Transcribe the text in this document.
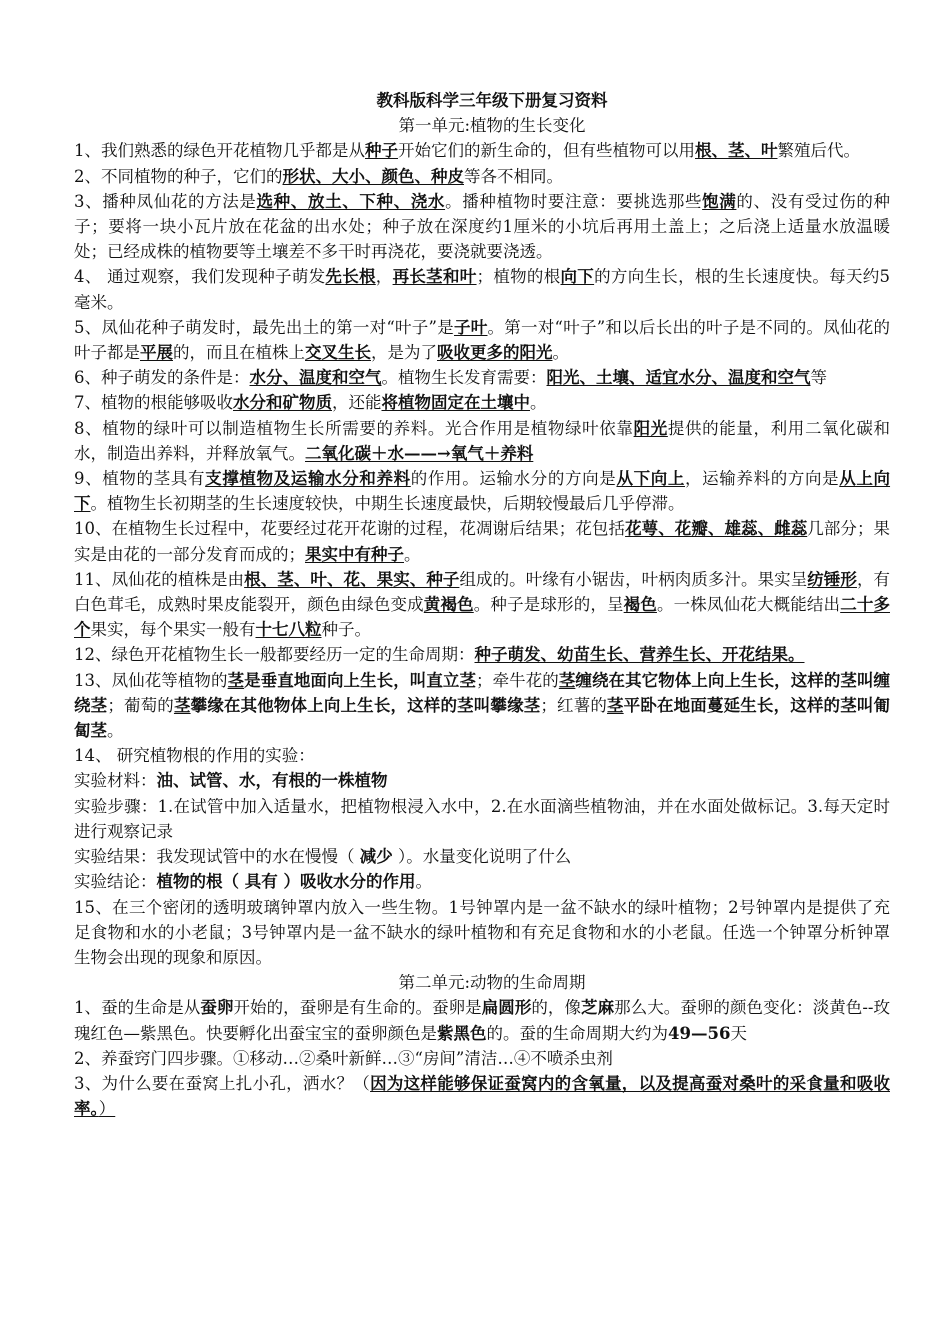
教科版科学三年级下册复习资料
第一单元:植物的生长变化

1、我们熟悉的绿色开花植物几乎都是从种子开始它们的新生命的，但有些植物可以用根、茎、叶繁殖后代。

2、不同植物的种子，它们的形状、大小、颜色、种皮等各不相同。

3、播种凤仙花的方法是选种、放土、下种、浇水。播种植物时要注意：要挑选那些饱满的、没有受过伤的种子；要将一块小瓦片放在花盆的出水处；种子放在深度约1厘米的小坑后再用土盖上；之后浇上适量水放温暖处；已经成株的植物要等土壤差不多干时再浇花，要浇就要浇透。

4、 通过观察，我们发现种子萌发先长根，再长茎和叶；植物的根向下的方向生长，根的生长速度快。每天约5毫米。

5、凤仙花种子萌发时，最先出土的第一对“叶子”是子叶。第一对“叶子”和以后长出的叶子是不同的。凤仙花的叶子都是平展的，而且在植株上交叉生长，是为了吸收更多的阳光。

6、种子萌发的条件是：水分、温度和空气。植物生长发育需要：阳光、土壤、适宜水分、温度和空气等

7、植物的根能够吸收水分和矿物质，还能将植物固定在土壤中。

8、植物的绿叶可以制造植物生长所需要的养料。光合作用是植物绿叶依靠阳光提供的能量，利用二氧化碳和水，制造出养料，并释放氧气。二氧化碳＋水——→氧气＋养料

9、植物的茎具有支撑植物及运输水分和养料的作用。运输水分的方向是从下向上，运输养料的方向是从上向下。植物生长初期茎的生长速度较快，中期生长速度最快，后期较慢最后几乎停滞。

10、在植物生长过程中，花要经过花开花谢的过程，花凋谢后结果；花包括花萼、花瓣、雄蕊、雌蕊几部分；果实是由花的一部分发育而成的；果实中有种子。

11、凤仙花的植株是由根、茎、叶、花、果实、种子组成的。叶缘有小锯齿，叶柄肉质多汁。果实呈纺锤形，有白色茸毛，成熟时果皮能裂开，颜色由绿色变成黄褐色。种子是球形的，呈褐色。一株凤仙花大概能结出二十多个果实，每个果实一般有十七八粒种子。

12、绿色开花植物生长一般都要经历一定的生命周期：种子萌发、幼苗生长、营养生长、开花结果。

13、凤仙花等植物的茎是垂直地面向上生长，叫直立茎；牵牛花的茎缠绕在其它物体上向上生长，这样的茎叫缠绕茎；葡萄的茎攀缘在其他物体上向上生长，这样的茎叫攀缘茎；红薯的茎平卧在地面蔓延生长，这样的茎叫匍匐茎。

14、 研究植物根的作用的实验：

实验材料：油、试管、水，有根的一株植物

实验步骤：1.在试管中加入适量水，把植物根浸入水中，2.在水面滴些植物油，并在水面处做标记。3.每天定时进行观察记录

实验结果：我发现试管中的水在慢慢（ 减少 ）。水量变化说明了什么

实验结论：植物的根（ 具有 ）吸收水分的作用。

15、在三个密闭的透明玻璃钟罩内放入一些生物。1号钟罩内是一盆不缺水的绿叶植物；2号钟罩内是提供了充足食物和水的小老鼠；3号钟罩内是一盆不缺水的绿叶植物和有充足食物和水的小老鼠。任选一个钟罩分析钟罩生物会出现的现象和原因。

第二单元:动物的生命周期

1、蚕的生命是从蚕卵开始的，蚕卵是有生命的。蚕卵是扁圆形的，像芝麻那么大。蚕卵的颜色变化：淡黄色--玫瑰红色—紫黑色。快要孵化出蚕宝宝的蚕卵颜色是紫黑色的。蚕的生命周期大约为49—56天

2、养蚕窍门四步骤。①移动…②桑叶新鲜…③“房间”清洁…④不喷杀虫剂

3、为什么要在蚕窝上扎小孔，洒水？（因为这样能够保证蚕窝内的含氧量，以及提高蚕对桑叶的采食量和吸收率。）
